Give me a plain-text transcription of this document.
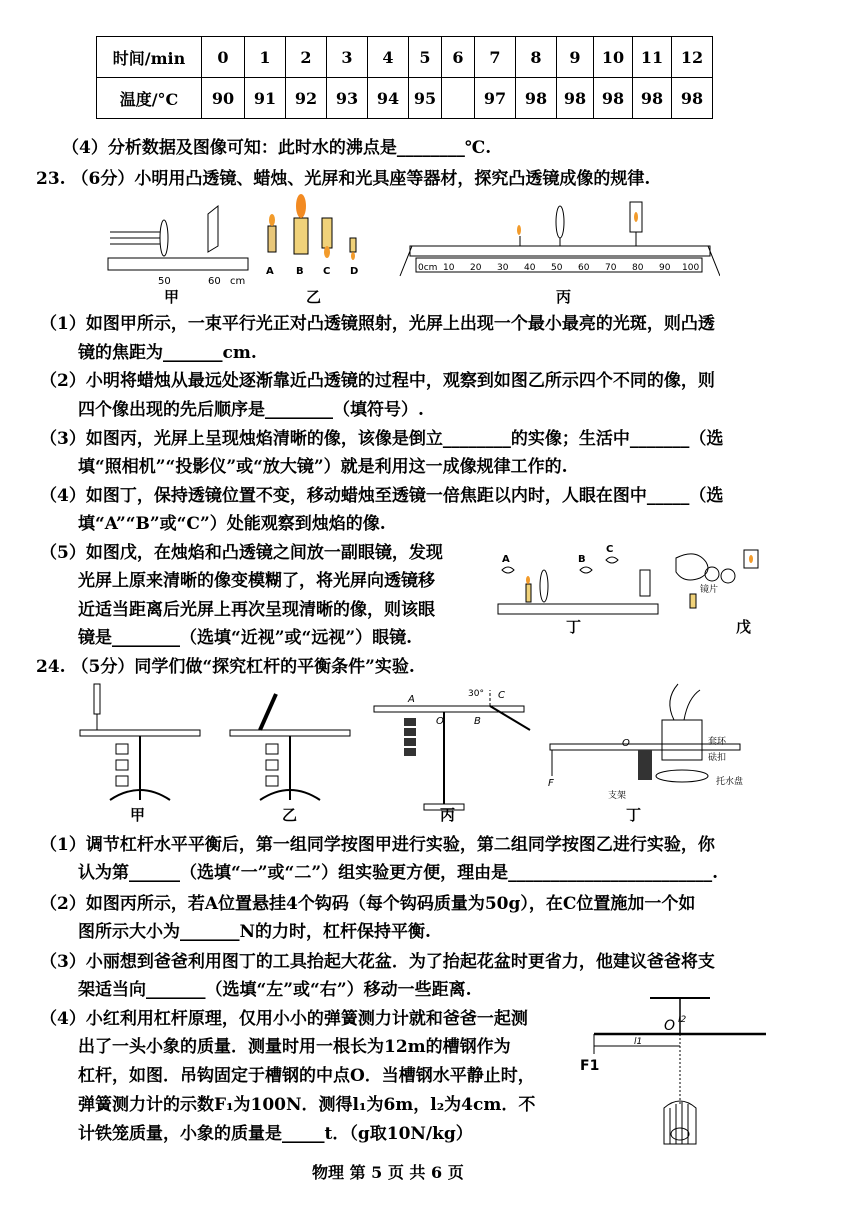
时间/min	0	1	2	3	4	5	6	7	8	9	10	11	12
温度/°C	90	91	92	93	94	95		97	98	98	98	98	98
（4）分析数据及图像可知：此时水的沸点是________℃.
23. （6分）小明用凸透镜、蜡烛、光屏和光具座等器材，探究凸透镜成像的规律.
50	60 cm
A B C D	0cm 10 20 30 40 50 60 70 80 90 100
甲	乙	丙
（1）如图甲所示，一束平行光正对凸透镜照射，光屏上出现一个最小最亮的光斑，则凸透
镜的焦距为_______cm.
（2）小明将蜡烛从最远处逐渐靠近凸透镜的过程中，观察到如图乙所示四个不同的像，则
四个像出现的先后顺序是________（填符号）.
（3）如图丙，光屏上呈现烛焰清晰的像，该像是倒立________的实像；生活中_______（选
填“照相机”“投影仪”或“放大镜”）就是利用这一成像规律工作的.
（4）如图丁，保持透镜位置不变，移动蜡烛至透镜一倍焦距以内时，人眼在图中_____（选
填“A”“B”或“C”）处能观察到烛焰的像.
（5）如图戊，在烛焰和凸透镜之间放一副眼镜，发现
光屏上原来清晰的像变模糊了，将光屏向透镜移
近适当距离后光屏上再次呈现清晰的像，则该眼
镜是________（选填“近视”或“远视”）眼镜.
A	B
C
镜片
丁	戊
24. （5分）同学们做“探究杠杆的平衡条件”实验.
A
O	B
C
30°
F
O
支架
套环
砝扣
托水盘
甲	乙	丙	丁
（1）调节杠杆水平平衡后，第一组同学按图甲进行实验，第二组同学按图乙进行实验，你
认为第______（选填“一”或“二”）组实验更方便，理由是________________________.
（2）如图丙所示，若A位置悬挂4个钩码（每个钩码质量为50g），在C位置施加一个如
图所示大小为_______N的力时，杠杆保持平衡.
（3）小丽想到爸爸利用图丁的工具抬起大花盆．为了抬起花盆时更省力，他建议爸爸将支
架适当向_______（选填“左”或“右”）移动一些距离.
（4）小红利用杠杆原理，仅用小小的弹簧测力计就和爸爸一起测
出了一头小象的质量．测量时用一根长为12m的槽钢作为
杠杆，如图．吊钩固定于槽钢的中点O．当槽钢水平静止时，
弹簧测力计的示数F₁为100N．测得l₁为6m，l₂为4cm．不
计铁笼质量，小象的质量是_____t．（g取10N/kg）
O l2
l1
F1
物理 第 5 页 共 6 页
